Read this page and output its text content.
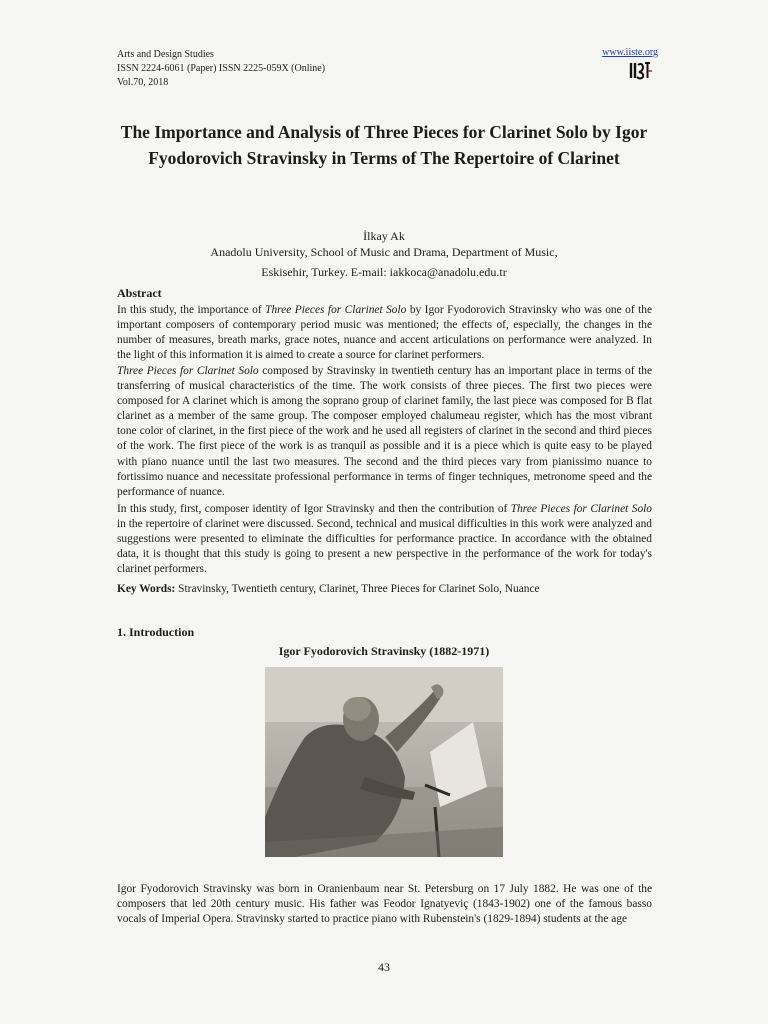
Arts and Design Studies
ISSN 2224-6061 (Paper) ISSN 2225-059X (Online)
Vol.70, 2018
www.iiste.org
The Importance and Analysis of Three Pieces for Clarinet Solo by Igor Fyodorovich Stravinsky in Terms of The Repertoire of Clarinet
İlkay Ak
Anadolu University, School of Music and Drama, Department of Music,
Eskisehir, Turkey. E-mail: iakkoca@anadolu.edu.tr
Abstract
In this study, the importance of Three Pieces for Clarinet Solo by Igor Fyodorovich Stravinsky who was one of the important composers of contemporary period music was mentioned; the effects of, especially, the changes in the number of measures, breath marks, grace notes, nuance and accent articulations on performance were analyzed. In the light of this information it is aimed to create a source for clarinet performers.
Three Pieces for Clarinet Solo composed by Stravinsky in twentieth century has an important place in terms of the transferring of musical characteristics of the time. The work consists of three pieces. The first two pieces were composed for A clarinet which is among the soprano group of clarinet family, the last piece was composed for B flat clarinet as a member of the same group. The composer employed chalumeau register, which has the most vibrant tone color of clarinet, in the first piece of the work and he used all registers of clarinet in the second and third pieces of the work. The first piece of the work is as tranquil as possible and it is a piece which is quite easy to be played with piano nuance until the last two measures. The second and the third pieces vary from pianissimo nuance to fortissimo nuance and necessitate professional performance in terms of finger techniques, metronome speed and the performance of nuance.
In this study, first, composer identity of Igor Stravinsky and then the contribution of Three Pieces for Clarinet Solo in the repertoire of clarinet were discussed. Second, technical and musical difficulties in this work were analyzed and suggestions were presented to eliminate the difficulties for performance practice. In accordance with the obtained data, it is thought that this study is going to present a new perspective in the performance of the work for today's clarinet performers.
Key Words: Stravinsky, Twentieth century, Clarinet, Three Pieces for Clarinet Solo, Nuance
1. Introduction
Igor Fyodorovich Stravinsky (1882-1971)
Igor Fyodorovich Stravinsky was born in Oranienbaum near St. Petersburg on 17 July 1882. He was one of the composers that led 20th century music. His father was Feodor Ignatyeviç (1843-1902) one of the famous basso vocals of Imperial Opera. Stravinsky started to practice piano with Rubenstein's (1829-1894) students at the age
43
